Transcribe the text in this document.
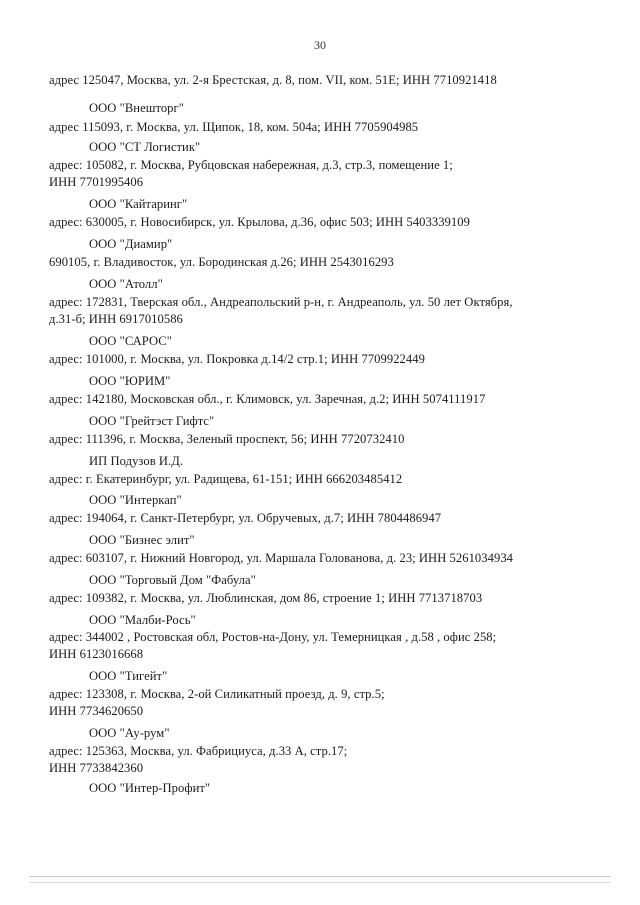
30
адрес 125047, Москва, ул. 2-я Брестская, д. 8, пом. VII, ком. 51Е; ИНН 7710921418
ООО "Внешторг"
адрес 115093, г. Москва, ул. Щипок, 18, ком. 504а; ИНН 7705904985
ООО "СТ Логистик"
адрес: 105082, г. Москва, Рубцовская набережная, д.3, стр.3, помещение 1;
ИНН 7701995406
ООО "Кайтаринг"
адрес: 630005, г. Новосибирск, ул. Крылова, д.36, офис 503; ИНН 5403339109
ООО "Диамир"
690105, г. Владивосток, ул. Бородинская д.26; ИНН 2543016293
ООО "Атолл"
адрес: 172831, Тверская обл., Андреапольский р-н, г. Андреаполь, ул. 50 лет Октября,
д.31-б; ИНН 6917010586
ООО "САРОС"
адрес: 101000, г. Москва, ул. Покровка д.14/2 стр.1; ИНН 7709922449
ООО "ЮРИМ"
адрес: 142180, Московская обл., г. Климовск, ул. Заречная, д.2; ИНН 5074111917
ООО "Грейтэст Гифтс"
адрес: 111396, г. Москва, Зеленый проспект, 56; ИНН 7720732410
ИП Подузов И.Д.
адрес: г. Екатеринбург, ул. Радищева, 61-151; ИНН 666203485412
ООО "Интеркап"
адрес: 194064, г. Санкт-Петербург, ул. Обручевых, д.7; ИНН 7804486947
ООО "Бизнес элит"
адрес: 603107, г. Нижний Новгород, ул. Маршала Голованова, д. 23; ИНН 5261034934
ООО "Торговый Дом "Фабула"
адрес: 109382, г. Москва, ул. Люблинская, дом 86, строение 1; ИНН 7713718703
ООО "Малби-Рось"
адрес: 344002 , Ростовская обл, Ростов-на-Дону, ул. Темерницкая , д.58 , офис 258;
ИНН 6123016668
ООО "Тигейт"
адрес: 123308, г. Москва, 2-ой Силикатный проезд, д. 9, стр.5;
ИНН 7734620650
ООО "Ау-рум"
адрес: 125363, Москва, ул. Фабрициуса, д.33 А, стр.17;
ИНН 7733842360
ООО "Интер-Профит"
